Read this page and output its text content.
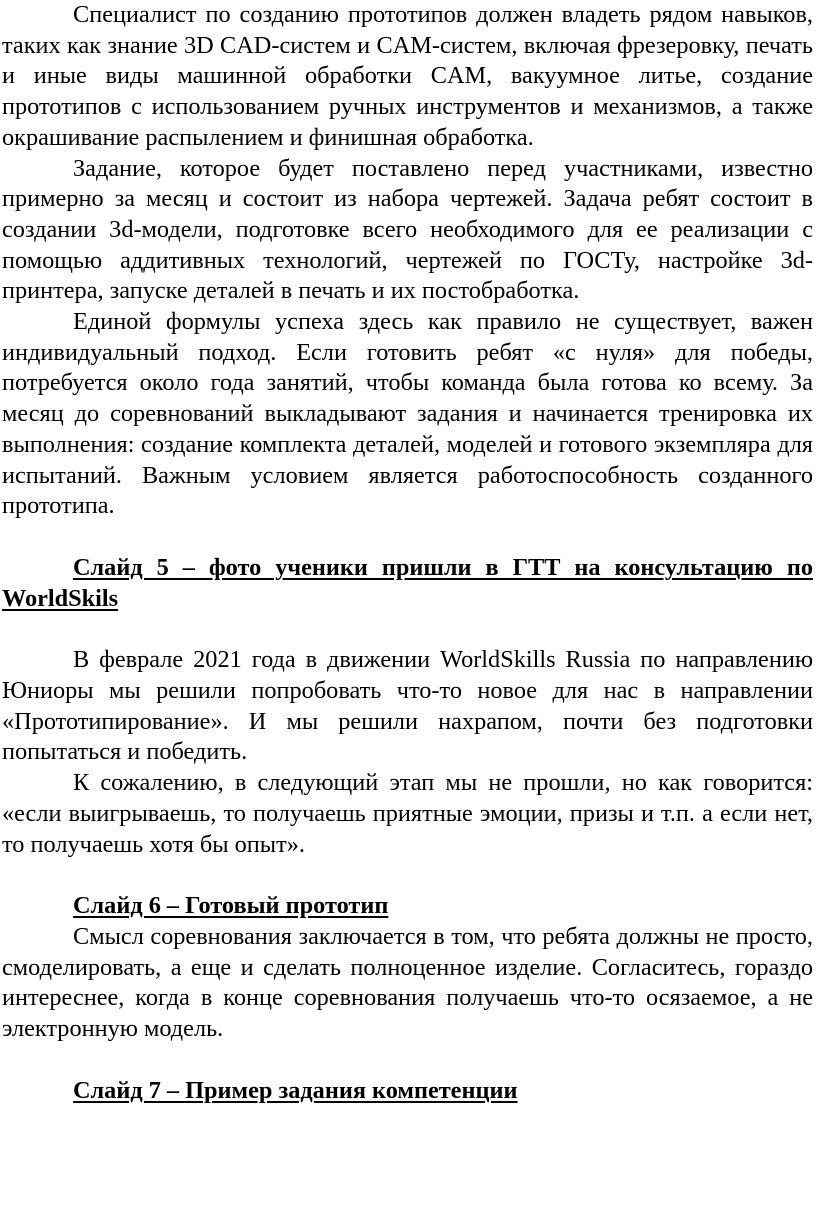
Специалист по созданию прототипов должен владеть рядом навыков, таких как знание 3D CAD-систем и CAM-систем, включая фрезеровку, печать и иные виды машинной обработки CAM, вакуумное литье, создание прототипов с использованием ручных инструментов и механизмов, а также окрашивание распылением и финишная обработка.

Задание, которое будет поставлено перед участниками, известно примерно за месяц и состоит из набора чертежей. Задача ребят состоит в создании 3d-модели, подготовке всего необходимого для ее реализации с помощью аддитивных технологий, чертежей по ГОСТу, настройке 3d-принтера, запуске деталей в печать и их постобработка.

Единой формулы успеха здесь как правило не существует, важен индивидуальный подход. Если готовить ребят «с нуля» для победы, потребуется около года занятий, чтобы команда была готова ко всему. За месяц до соревнований выкладывают задания и начинается тренировка их выполнения: создание комплекта деталей, моделей и готового экземпляра для испытаний. Важным условием является работоспособность созданного прототипа.

Слайд 5 – фото ученики пришли в ГТТ на консультацию по WorldSkils

В феврале 2021 года в движении WorldSkills Russia по направлению Юниоры мы решили попробовать что-то новое для нас в направлении «Прототипирование». И мы решили нахрапом, почти без подготовки попытаться и победить.

К сожалению, в следующий этап мы не прошли, но как говорится: «если выигрываешь, то получаешь приятные эмоции, призы и т.п. а если нет, то получаешь хотя бы опыт».

Слайд 6 – Готовый прототип

Смысл соревнования заключается в том, что ребята должны не просто, смоделировать, а еще и сделать полноценное изделие. Согласитесь, гораздо интереснее, когда в конце соревнования получаешь что-то осязаемое, а не электронную модель.

Слайд 7 – Пример задания компетенции
